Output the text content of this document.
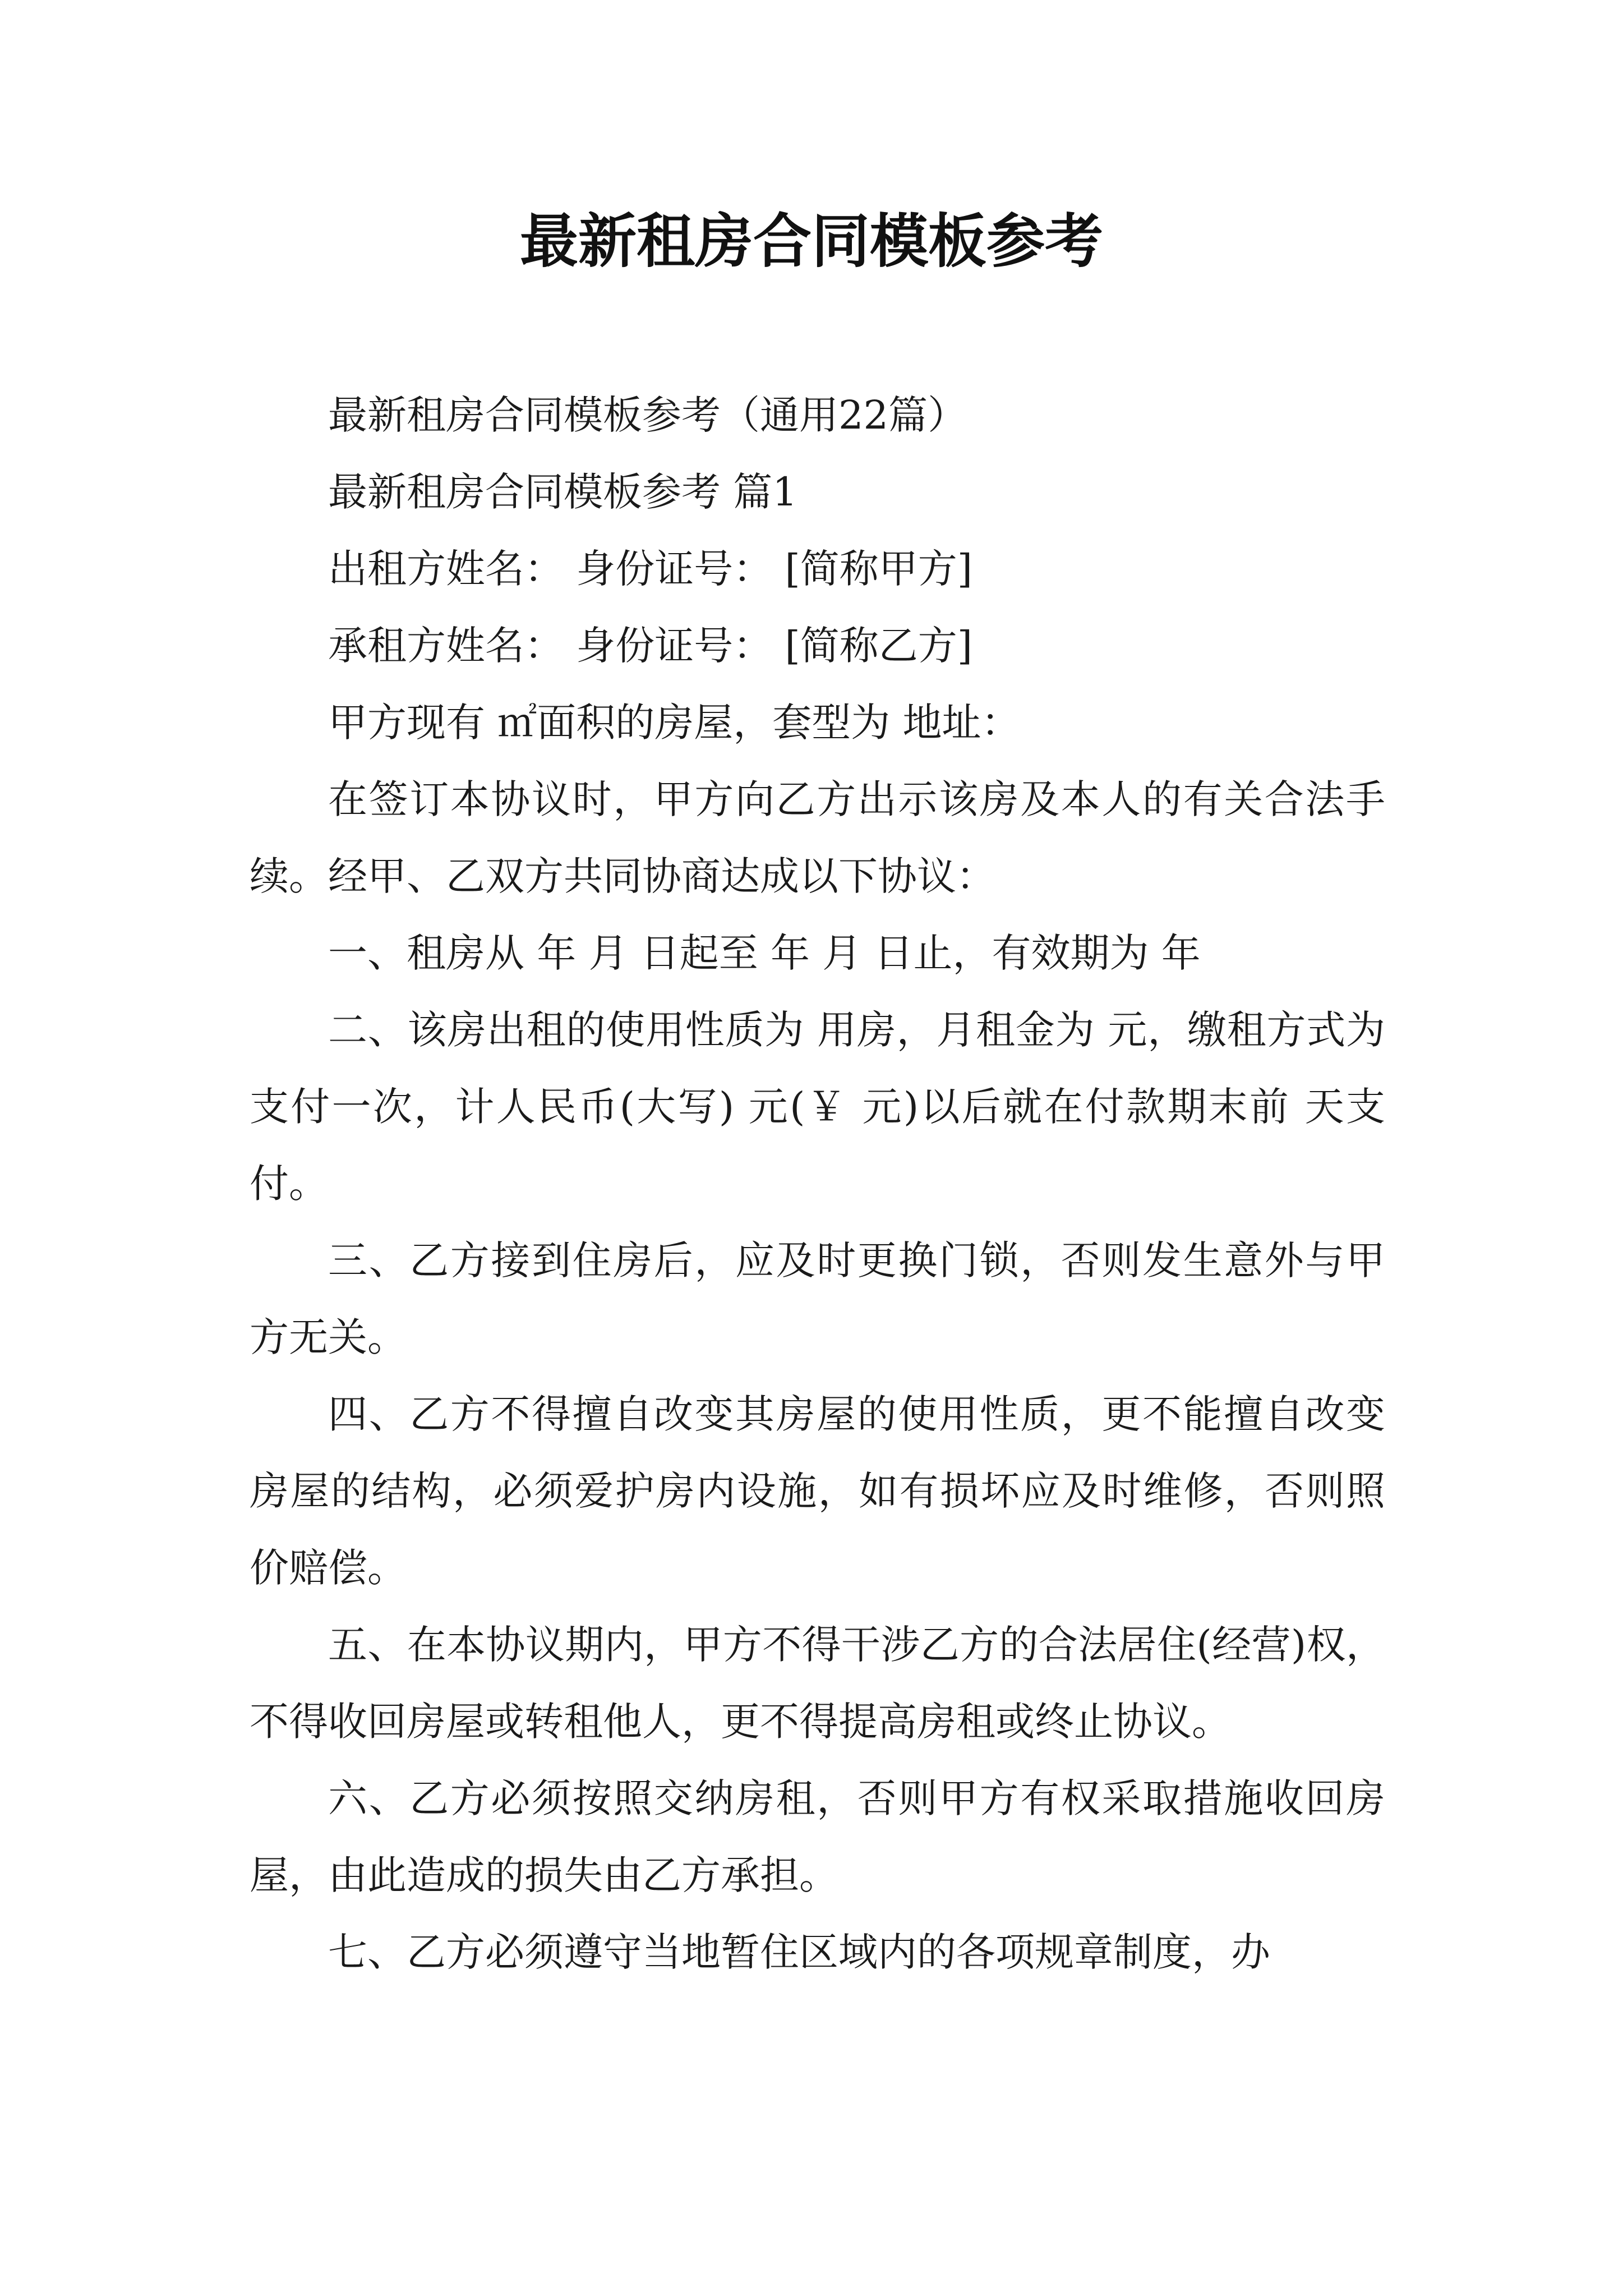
最新租房合同模板参考

最新租房合同模板参考（通用22篇）

最新租房合同模板参考 篇1

出租方姓名： 身份证号： [简称甲方]

承租方姓名： 身份证号： [简称乙方]

甲方现有 ㎡面积的房屋，套型为 地址：

在签订本协议时，甲方向乙方出示该房及本人的有关合法手续。经甲、乙双方共同协商达成以下协议：

一、租房从 年 月 日起至 年 月 日止，有效期为 年

二、该房出租的使用性质为 用房，月租金为 元，缴租方式为 支付一次，计人民币(大写) 元(￥ 元)以后就在付款期末前 天支付。

三、乙方接到住房后，应及时更换门锁，否则发生意外与甲方无关。

四、乙方不得擅自改变其房屋的使用性质，更不能擅自改变房屋的结构，必须爱护房内设施，如有损坏应及时维修，否则照价赔偿。

五、在本协议期内，甲方不得干涉乙方的合法居住(经营)权，不得收回房屋或转租他人，更不得提高房租或终止协议。

六、乙方必须按照交纳房租，否则甲方有权采取措施收回房屋，由此造成的损失由乙方承担。

七、乙方必须遵守当地暂住区域内的各项规章制度，办
